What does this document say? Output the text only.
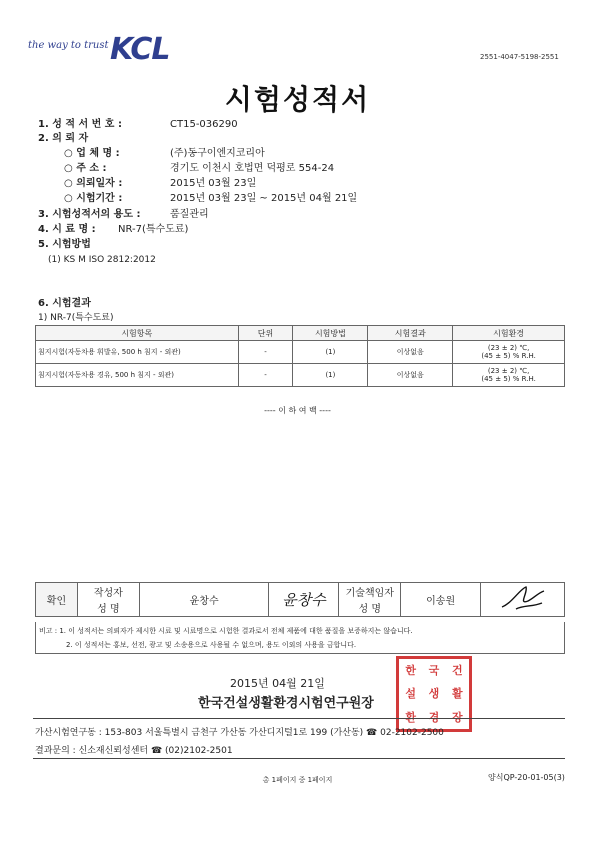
the way to trust KCL	2551-4047-5198-2551
시험성적서
1. 성 적 서 번 호 :	CT15-036290
2. 의 뢰 자
○ 업 체 명 :	(주)동구이엔지코리아
○ 주 소 :	경기도 이천시 호법면 덕평로 554-24
○ 의뢰일자 :	2015년 03월 23일
○ 시험기간 :	2015년 03월 23일 ~ 2015년 04월 21일
3. 시험성적서의 용도 :	품질관리
4. 시 료 명 : NR-7(특수도료)
5. 시험방법
(1) KS M ISO 2812:2012
6. 시험결과
1) NR-7(특수도료)
시험항목	단위	시험방법	시험결과	시험환경
침지시험(자동차용 휘발유, 500 h 침지 - 외관)	-	(1)	이상없음	(23 ± 2) ℃,
(45 ± 5) % R.H.

침지시험(자동차용 경유, 500 h 침지 - 외관)	-	(1)	이상없음	(23 ± 2) ℃,
(45 ± 5) % R.H.
---- 이 하 여 백 ----
확인	작성자	윤창수	윤창수	기술책임자	이송원	
	성 명			성 명		
비고 : 1. 이 성적서는 의뢰자가 제시한 시료 및 시료명으로 시험한 결과로서 전체 제품에 대한 품질을 보증하지는 않습니다.
2. 이 성적서는 홍보, 선전, 광고 및 소송용으로 사용될 수 없으며, 용도 이외의 사용을 금합니다.
2015년 04월 21일
한국건설생활환경시험연구원장
한 국 건
설 생 활
환 경 장
가산시험연구동 : 153-803 서울특별시 금천구 가산동 가산디지털1로 199 (가산동) ☎ 02-2102-2500
결과문의 : 신소재신뢰성센터 ☎ (02)2102-2501
총 1페이지 중 1페이지	양식QP-20-01-05(3)
